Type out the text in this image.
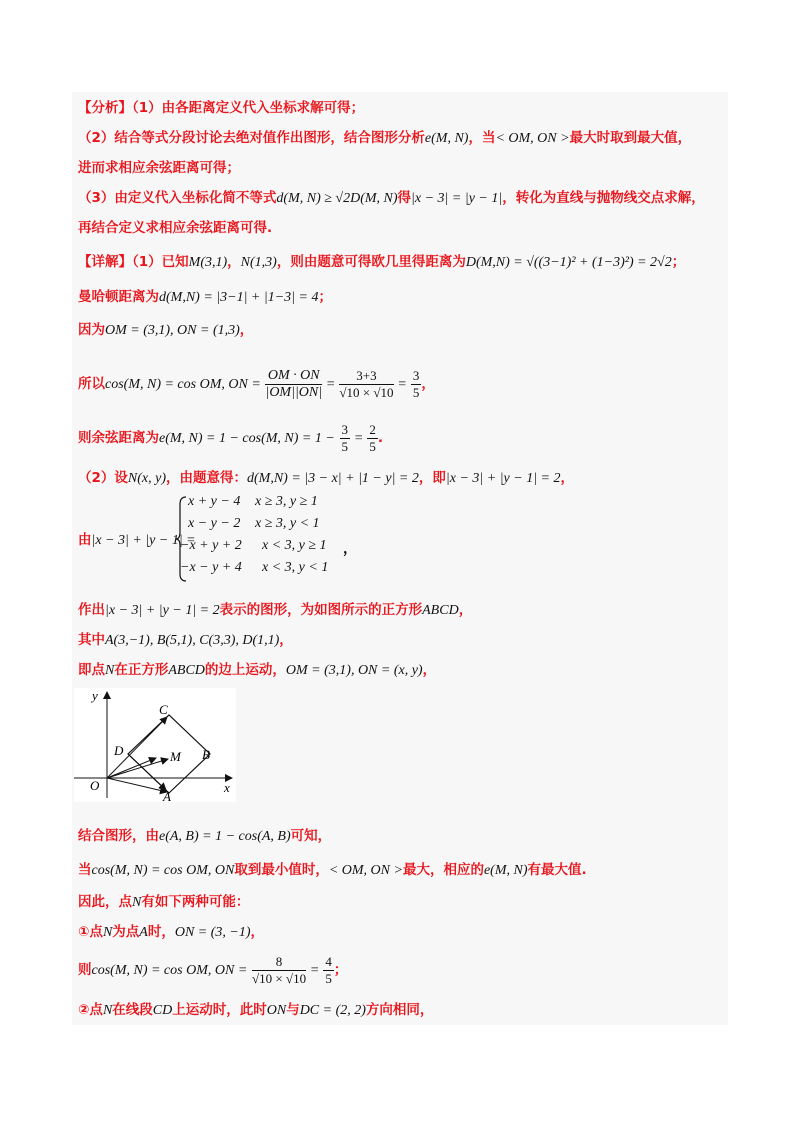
【分析】（1）由各距离定义代入坐标求解可得；
（2）结合等式分段讨论去绝对值作出图形，结合图形分析e(M, N)，当< OM, ON >最大时取到最大值，
进而求相应余弦距离可得；
（3）由定义代入坐标化简不等式d(M, N) ≥ √2D(M, N)得|x − 3| = |y − 1|，转化为直线与抛物线交点求解，
再结合定义求相应余弦距离可得.
【详解】（1）已知M(3,1)，N(1,3)，则由题意可得欧几里得距离为D(M,N) = √((3−1)² + (1−3)²) = 2√2；
曼哈顿距离为d(M,N) = |3−1| + |1−3| = 4；
因为OM = (3,1), ON = (1,3)，
所以cos(M, N) = cos OM, ON = $\frac{OM \cdot ON}{|OM||ON|} = \frac{3+3}{√10 \times √10} = \frac{3}{5}$ ，
则余弦距离为e(M, N) = 1 − cos(M, $N) = 1 - \frac{3}{5} = \frac{2}{5}$ .
（2）设N(x, y)，由题意得：d(M,N) = |3 − x| + |1 − y| = 2，即|x − 3| + |y − 1| = 2，
由|x − 3| + |y − 1| =
x + y − 4 x ≥ 3, y ≥ 1
x − y − 2 x ≥ 3, y < 1
−x + y + 2 x < 3, y ≥ 1
−x − y + 4 x < 3, y < 1
，
作出|x − 3| + |y − 1| = 2表示的图形，为如图所示的正方形ABCD，
其中A(3,−1), B(5,1), C(3,3), D(1,1)，
即点N在正方形ABCD的边上运动，OM = (3,1), ON = (x, y)，
y
x
O
A
B
C
D	M
结合图形，由e(A, B) = 1 − cos(A, B)可知，
当cos(M, N) = cos OM, ON取到最小值时，< OM, ON >最大，相应的e(M, N)有最大值.
因此，点N有如下两种可能：
①点N为点A时，ON = (3, −1)，
则cos(M, N) = cos OM, ON = $\frac{8}{√10 \times √10} = \frac{4}{5}$ ；
②点N在线段CD上运动时，此时ON与DC = (2, 2)方向相同，
